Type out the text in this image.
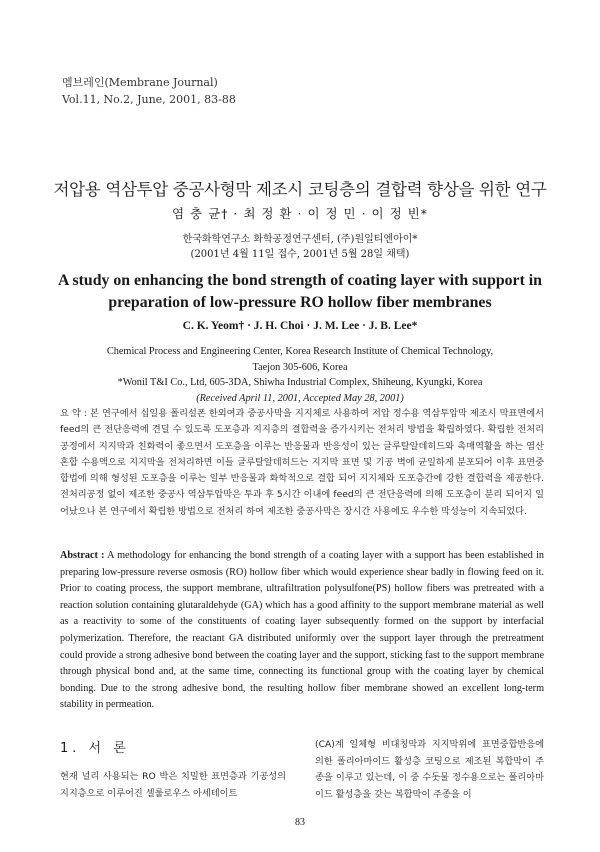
멤브레인(Membrane Journal)
Vol.11, No.2, June, 2001, 83-88
저압용 역삼투압 중공사형막 제조시 코팅층의 결합력 향상을 위한 연구
염 충 균† · 최 정 환 · 이 정 민 · 이 정 빈*
한국화학연구소 화학공정연구센터, (주)원일티엔아이*
(2001년 4월 11일 접수, 2001년 5월 28일 채택)
A study on enhancing the bond strength of coating layer with support in preparation of low-pressure RO hollow fiber membranes
C. K. Yeom† · J. H. Choi · J. M. Lee · J. B. Lee*
Chemical Process and Engineering Center, Korea Research Institute of Chemical Technology,
Taejon 305-606, Korea
*Wonil T&I Co., Ltd, 605-3DA, Shiwha Industrial Complex, Shiheung, Kyungki, Korea
(Received April 11, 2001, Accepted May 28, 2001)
요 약 : 본 연구에서 십일용 폴리설폰 한외여과 중공사막을 지지체로 사용하여 저압 정수용 역삼투압막 제조시 막표면에서 feed의 큰 전단응력에 견딜 수 있도록 도포층과 지지층의 결합력을 증가시키는 전처리 방법을 확립하였다. 확립한 전처리 공정에서 지지막과 친화력이 좋으면서 도포층을 이루는 반응물과 반응성이 있는 글루탈알데히드와 촉매역활을 하는 염산 혼합 수용액으로 지지막을 전처리하면 이들 글루탈알데히드는 지지막 표면 및 기공 벽에 균일하게 분포되어 이후 표면중합법에 의해 형성된 도포층을 이루는 일부 반응물과 화학적으로 결합 되어 지지체와 도포층간에 강한 결합력을 제공한다. 전처리공정 없이 제조한 중공사 역삼투압막은 투과 후 5시간 이내에 feed의 큰 전단응력에 의해 도포층이 분리 되어지 일어났으나 본 연구에서 확립한 방법으로 전처리 하여 제조한 중공사막은 장시간 사용에도 우수한 막성능이 지속되었다.
Abstract : A methodology for enhancing the bond strength of a coating layer with a support has been established in preparing low-pressure reverse osmosis (RO) hollow fiber which would experience shear badly in flowing feed on it. Prior to coating process, the support membrane, ultrafiltration polysulfone(PS) hollow fibers was pretreated with a reaction solution containing glutaraldehyde (GA) which has a good affinity to the support membrane material as well as a reactivity to some of the constituents of coating layer subsequently formed on the support by interfacial polymerization. Therefore, the reactant GA distributed uniformly over the support layer through the pretreatment could provide a strong adhesive bond between the coating layer and the support, sticking fast to the support membrane through physical bond and, at the same time, connecting its functional group with the coating layer by chemical bonding. Due to the strong adhesive bond, the resulting hollow fiber membrane showed an excellent long-term stability in permeation.
1. 서 론
현재 널리 사용되는 RO 박은 치밀한 표면층과 기공성의 지지층으로 이루어진 셀룰로우스 아세테이트
(CA)계 일체형 비대칭막과 지지막위에 표면중합반응에 의한 폴리아마이드 활성층 코팅으로 제조된 복합막이 주종을 이루고 있는데, 이 중 수돗물 정수용으로는 폴리아마이드 활성층을 갖는 복합막이 주종을 이
83
